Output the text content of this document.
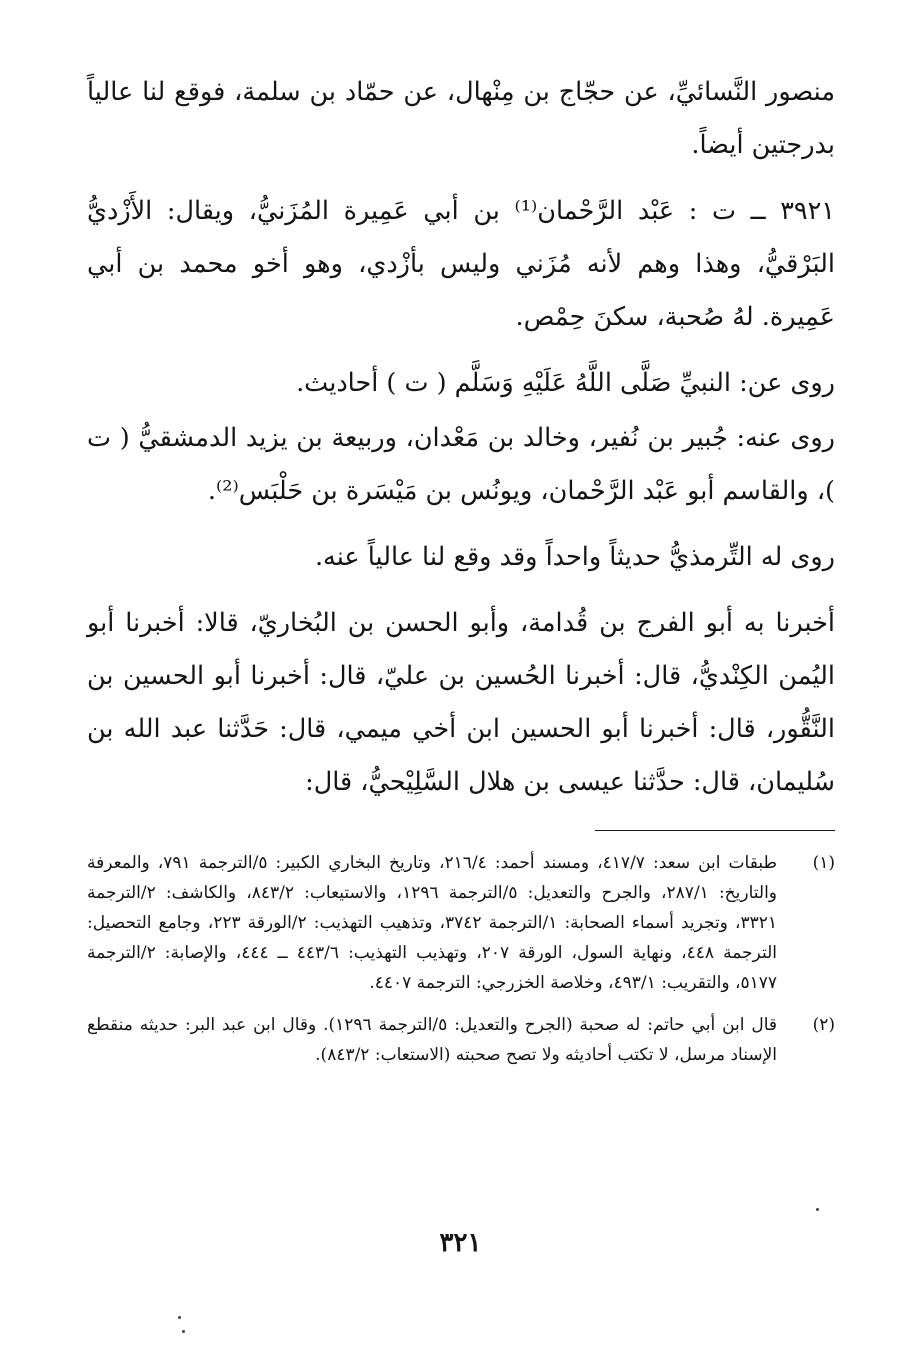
منصور النَّسائيِّ، عن حجّاج بن مِنْهال، عن حمّاد بن سلمة، فوقع لنا عالياً بدرجتين أيضاً.

٣٩٢١ ــ ت : عَبْد الرَّحْمان⁽¹⁾ بن أبي عَمِيرة المُزَنيُّ، ويقال: الأَزْديُّ البَرْقيُّ، وهذا وهم لأنه مُزَني وليس بأزْدي، وهو أخو محمد بن أبي عَمِيرة. لهُ صُحبة، سكنَ حِمْص.

روى عن: النبيِّ صَلَّى اللَّهُ عَلَيْهِ وَسَلَّم ( ت ) أحاديث.

روى عنه: جُبير بن نُفير، وخالد بن مَعْدان، وربيعة بن يزيد الدمشقيُّ ( ت )، والقاسم أبو عَبْد الرَّحْمان، ويونُس بن مَيْسَرة بن حَلْبَس⁽²⁾.

روى له التِّرمذيُّ حديثاً واحداً وقد وقع لنا عالياً عنه.

أخبرنا به أبو الفرج بن قُدامة، وأبو الحسن بن البُخاريّ، قالا: أخبرنا أبو اليُمن الكِنْديُّ، قال: أخبرنا الحُسين بن عليّ، قال: أخبرنا أبو الحسين بن النَّقُّور، قال: أخبرنا أبو الحسين ابن أخي ميمي، قال: حَدَّثنا عبد الله بن سُليمان، قال: حدَّثنا عيسى بن هلال السَّلِيْحيُّ، قال:

(١)
طبقات ابن سعد: ٤١٧/٧، ومسند أحمد: ٢١٦/٤، وتاريخ البخاري الكبير: ٥/الترجمة ٧٩١، والمعرفة والتاريخ: ٢٨٧/١، والجرح والتعديل: ٥/الترجمة ١٢٩٦، والاستيعاب: ٨٤٣/٢، والكاشف: ٢/الترجمة ٣٣٢١، وتجريد أسماء الصحابة: ١/الترجمة ٣٧٤٢، وتذهيب التهذيب: ٢/الورقة ٢٢٣، وجامع التحصيل: الترجمة ٤٤٨، ونهاية السول، الورقة ٢٠٧، وتهذيب التهذيب: ٤٤٣/٦ ــ ٤٤٤، والإصابة: ٢/الترجمة ٥١٧٧، والتقريب: ٤٩٣/١، وخلاصة الخزرجي: الترجمة ٤٤٠٧.
(٢)
قال ابن أبي حاتم: له صحبة (الجرح والتعديل: ٥/الترجمة ١٢٩٦). وقال ابن عبد البر: حديثه منقطع الإسناد مرسل، لا تكتب أحاديثه ولا تصح صحبته (الاستعاب: ٨٤٣/٢).
٣٢١
